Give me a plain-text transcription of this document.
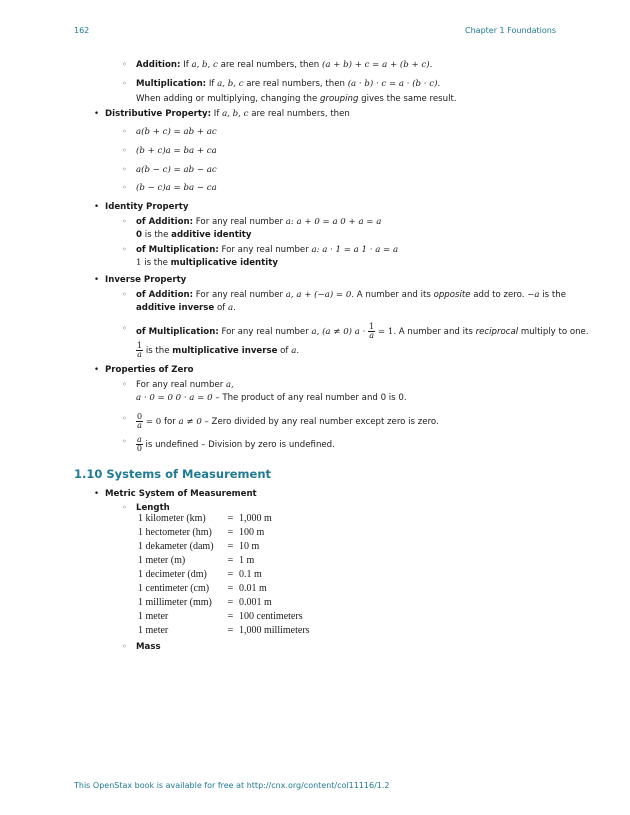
162	Chapter 1 Foundations
◦
Addition: If a, b, c are real numbers, then (a + b) + c = a + (b + c).
◦
Multiplication: If a, b, c are real numbers, then (a · b) · c = a · (b · c).
When adding or multiplying, changing the grouping gives the same result.
•
Distributive Property: If a, b, c are real numbers, then
◦
a(b + c) = ab + ac
◦
(b + c)a = ba + ca
◦
a(b − c) = ab − ac
◦
(b − c)a = ba − ca
•
Identity Property
◦
of Addition: For any real number a: a + 0 = a 0 + a = a
0 is the additive identity
◦
of Multiplication: For any real number a: a · 1 = a 1 · a = a
1 is the multiplicative identity
•
Inverse Property
◦
of Addition: For any real number a, a + (−a) = 0. A number and its opposite add to zero. −a is the
additive inverse of a.
◦
of Multiplication: For any real number a, (a ≠ 0) $a \cdot \frac{1}{a} = 1$. A number and its reciprocal multiply to one.
$\frac{1}{a}$ is the multiplicative inverse of a.
•
Properties of Zero
◦
For any real number a,
a · 0 = 0 0 · a = 0 – The product of any real number and 0 is 0.
◦
$\frac{0}{a} = 0$ for a ≠ 0 – Zero divided by any real number except zero is zero.
◦
$\frac{a}{0}$ is undefined – Division by zero is undefined.
1.10 Systems of Measurement
•
Metric System of Measurement
◦
Length
1 kilometer (km)	=	1,000 m
1 hectometer (hm)	=	100 m
1 dekameter (dam)	=	10 m
1 meter (m)	=	1 m
1 decimeter (dm)	=	0.1 m
1 centimeter (cm)	=	0.01 m
1 millimeter (mm)	=	0.001 m
1 meter	=	100 centimeters
1 meter	=	1,000 millimeters
◦
Mass
This OpenStax book is available for free at http://cnx.org/content/col11116/1.2
